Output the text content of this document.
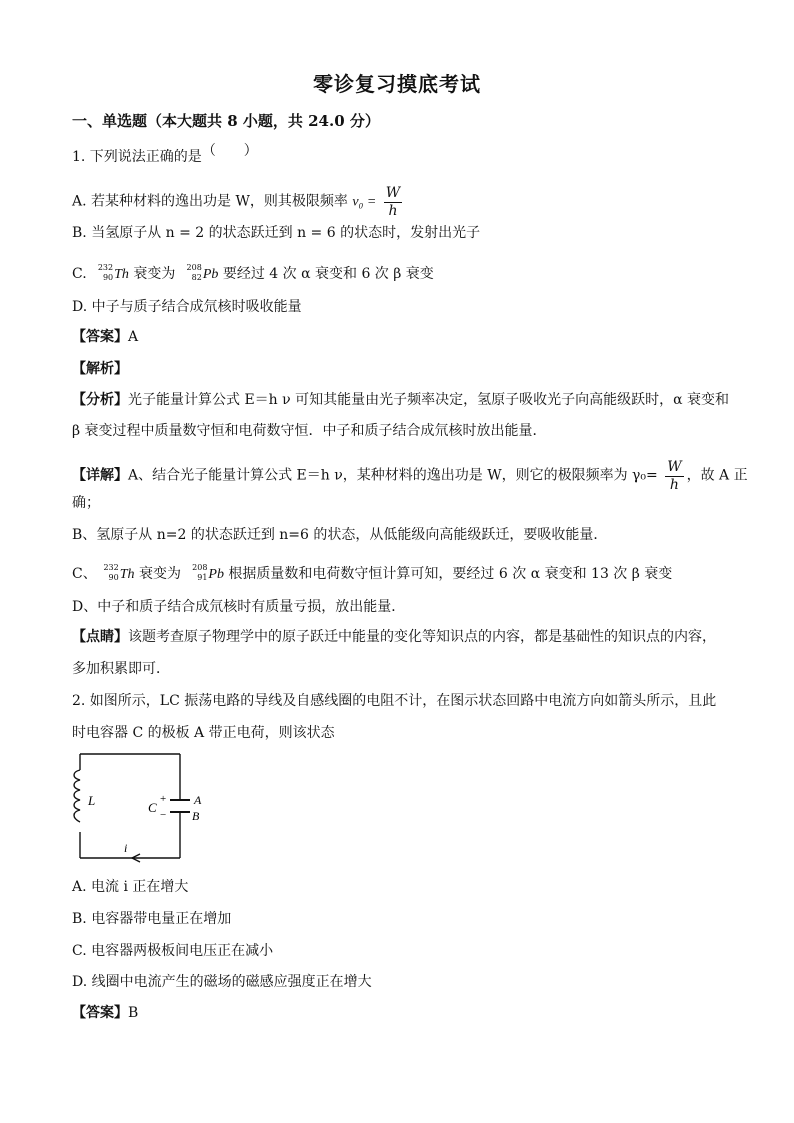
零诊复习摸底考试
一、单选题（本大题共 8 小题，共 24.0 分）
1. 下列说法正确的是（　　）
A. 若某种材料的逸出功是 W，则其极限频率 $\nu_0 = \frac{W}{h}$
B. 当氢原子从 n = 2 的状态跃迁到 n = 6 的状态时，发射出光子
C. 232
90 Th 衰变为 208
82 Pb 要经过 4 次 α 衰变和 6 次 β 衰变
D. 中子与质子结合成氘核时吸收能量
【答案】A
【解析】
【分析】光子能量计算公式 E＝h ν 可知其能量由光子频率决定，氢原子吸收光子向高能级跃时，α 衰变和
β 衰变过程中质量数守恒和电荷数守恒．中子和质子结合成氘核时放出能量．
【详解】A、结合光子能量计算公式 E＝h ν，某种材料的逸出功是 W，则它的极限频率为 $\gamma_0= \frac{W}{h}$ ，故 A 正
确；
B、氢原子从 n=2 的状态跃迁到 n=6 的状态，从低能级向高能级跃迁，要吸收能量．
C、 232
90 Th 衰变为 208
91 Pb 根据质量数和电荷数守恒计算可知，要经过 6 次 α 衰变和 13 次 β 衰变
D、中子和质子结合成氘核时有质量亏损，放出能量．
【点睛】该题考查原子物理学中的原子跃迁中能量的变化等知识点的内容，都是基础性的知识点的内容，
多加积累即可．
2. 如图所示，LC 振荡电路的导线及自感线圈的电阻不计，在图示状态回路中电流方向如箭头所示，且此
时电容器 C 的极板 A 带正电荷，则该状态
L	C
+
−
A
B
i
A. 电流 i 正在增大
B. 电容器带电量正在增加
C. 电容器两极板间电压正在减小
D. 线圈中电流产生的磁场的磁感应强度正在增大
【答案】B
